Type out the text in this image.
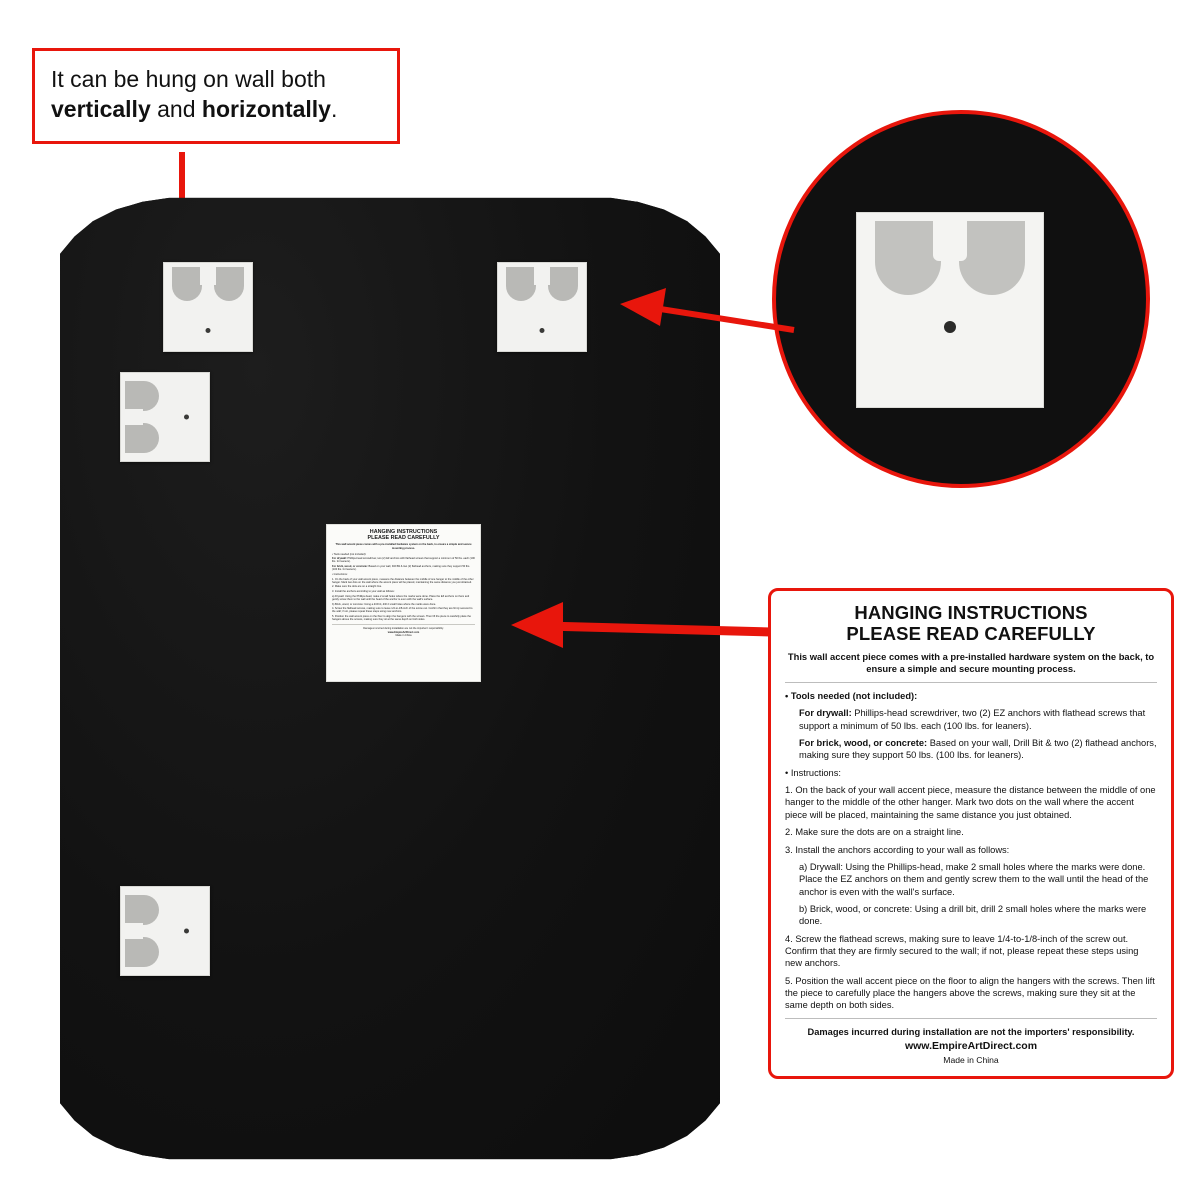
It can be hung on wall both
vertically and horizontally.
HANGING INSTRUCTIONS
PLEASE READ CAREFULLY
This wall accent piece comes with a pre-installed hardware system on the back, to ensure a simple and secure mounting process.
• Tools needed (not included):
For drywall: Phillips-head screwdriver, two (2) EZ anchors with flathead screws that support a minimum of 50 lbs. each (100 lbs. for leaners).
For brick, wood, or concrete: Based on your wall, Drill Bit & two (2) flathead anchors, making sure they support 50 lbs. (100 lbs. for leaners).
• Instructions:
1. On the back of your wall accent piece, measure the distance between the middle of one hanger to the middle of the other hanger. Mark two dots on the wall where the accent piece will be placed, maintaining the same distance you just obtained.
2. Make sure the dots are on a straight line.
3. Install the anchors according to your wall as follows:
a) Drywall: Using the Phillips-head, make 2 small holes where the marks were done. Place the EZ anchors on them and gently screw them to the wall until the head of the anchor is even with the wall's surface.
b) Brick, wood, or concrete: Using a drill bit, drill 2 small holes where the marks were done.
4. Screw the flathead screws, making sure to leave 1/4-to-1/8-inch of the screw out. Confirm that they are firmly secured to the wall; if not, please repeat these steps using new anchors.
5. Position the wall accent piece on the floor to align the hangers with the screws. Then lift the piece to carefully place the hangers above the screws, making sure they sit at the same depth on both sides.
Damages incurred during installation are not the importers' responsibility.
www.EmpireArtDirect.com
Made in China
HANGING INSTRUCTIONS
PLEASE READ CAREFULLY
This wall accent piece comes with a pre-installed hardware system on the back, to ensure a simple and secure mounting process.

• Tools needed (not included):

For drywall: Phillips-head screwdriver, two (2) EZ anchors with flathead screws that support a minimum of 50 lbs. each (100 lbs. for leaners).

For brick, wood, or concrete: Based on your wall, Drill Bit & two (2) flathead anchors, making sure they support 50 lbs. (100 lbs. for leaners).

• Instructions:

1. On the back of your wall accent piece, measure the distance between the middle of one hanger to the middle of the other hanger. Mark two dots on the wall where the accent piece will be placed, maintaining the same distance you just obtained.

2. Make sure the dots are on a straight line.

3. Install the anchors according to your wall as follows:

a) Drywall: Using the Phillips-head, make 2 small holes where the marks were done. Place the EZ anchors on them and gently screw them to the wall until the head of the anchor is even with the wall's surface.

b) Brick, wood, or concrete: Using a drill bit, drill 2 small holes where the marks were done.

4. Screw the flathead screws, making sure to leave 1/4-to-1/8-inch of the screw out. Confirm that they are firmly secured to the wall; if not, please repeat these steps using new anchors.

5. Position the wall accent piece on the floor to align the hangers with the screws. Then lift the piece to carefully place the hangers above the screws, making sure they sit at the same depth on both sides.

Damages incurred during installation are not the importers' responsibility.
www.EmpireArtDirect.com
Made in China
